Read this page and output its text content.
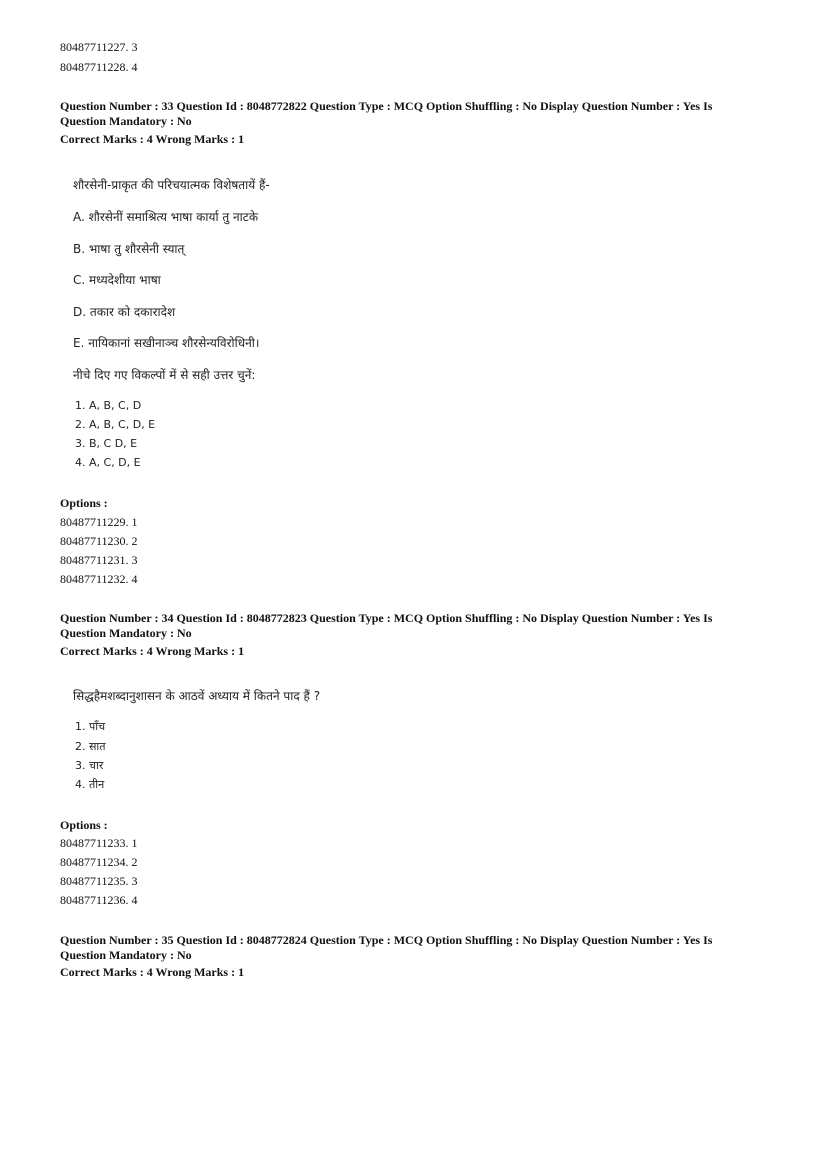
80487711227. 3
80487711228. 4
Question Number : 33 Question Id : 8048772822 Question Type : MCQ Option Shuffling : No Display Question Number : Yes Is
Question Mandatory : No
Correct Marks : 4 Wrong Marks : 1
शौरसेनी-प्राकृत की परिचयात्मक विशेषतायें हैं-
A. शौरसेनीं समाश्रित्य भाषा कार्या तु नाटके
B. भाषा तु शौरसेनी स्यात्
C. मध्यदेशीया भाषा
D. तकार को दकारादेश
E. नायिकानां सखीनाञ्च शौरसेन्यविरोधिनी।
नीचे दिए गए विकल्पों में से सही उत्तर चुनें:
1. A, B, C, D
2. A, B, C, D, E
3. B, C D, E
4. A, C, D, E
Options :
80487711229. 1
80487711230. 2
80487711231. 3
80487711232. 4
Question Number : 34 Question Id : 8048772823 Question Type : MCQ Option Shuffling : No Display Question Number : Yes Is
Question Mandatory : No
Correct Marks : 4 Wrong Marks : 1
सिद्धहैमशब्दानुशासन के आठवें अध्याय में कितने पाद हैं ?
1. पाँच
2. सात
3. चार
4. तीन
Options :
80487711233. 1
80487711234. 2
80487711235. 3
80487711236. 4
Question Number : 35 Question Id : 8048772824 Question Type : MCQ Option Shuffling : No Display Question Number : Yes Is
Question Mandatory : No
Correct Marks : 4 Wrong Marks : 1
